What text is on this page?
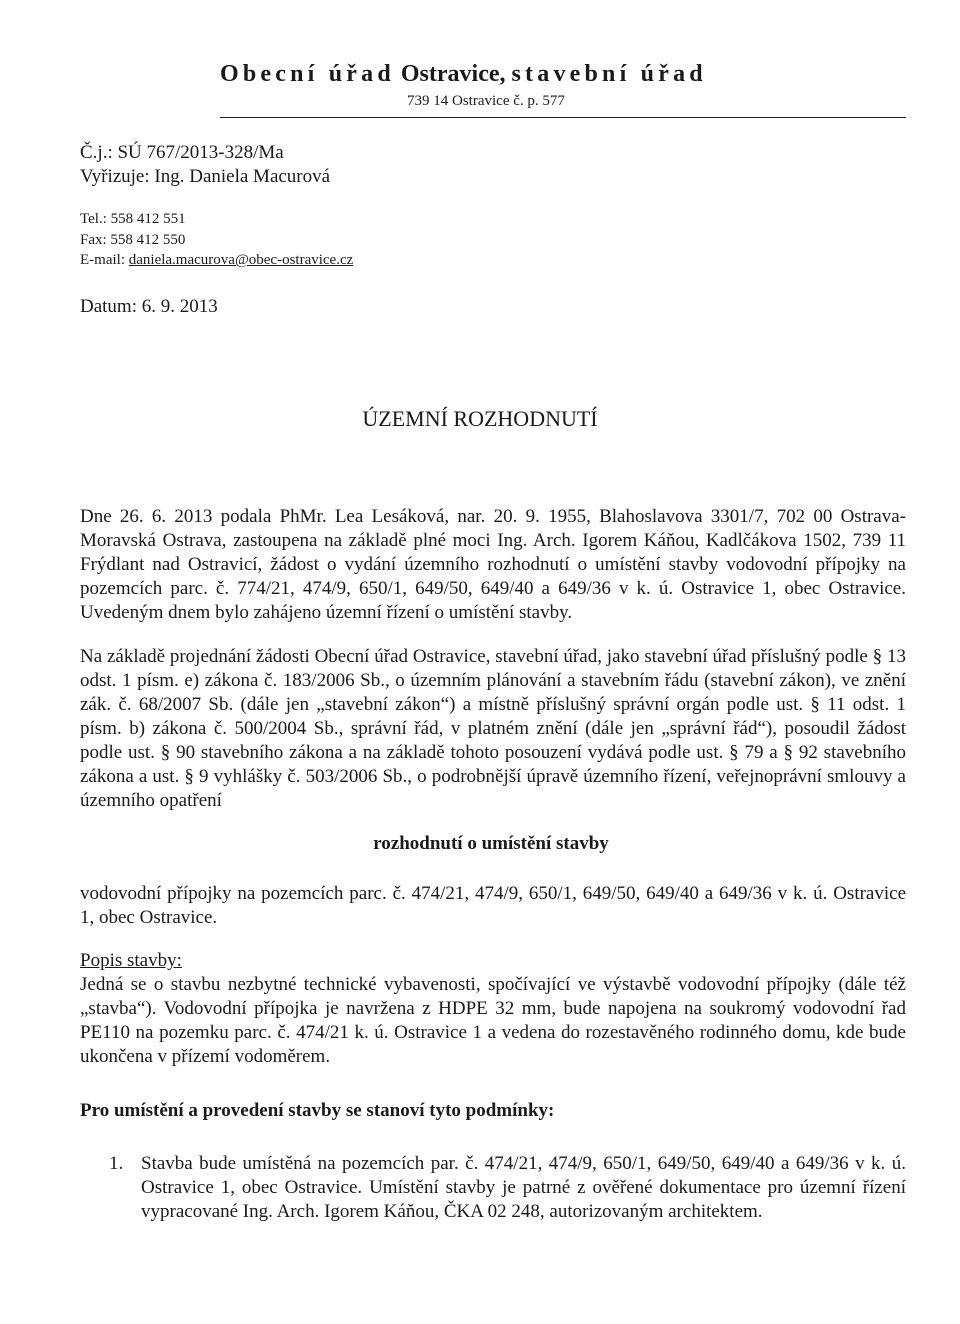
Obecní úřad Ostravice, stavební úřad
739 14 Ostravice č. p. 577
Č.j.: SÚ 767/2013-328/Ma
Vyřizuje: Ing. Daniela Macurová
Tel.: 558 412 551
Fax: 558 412 550
E-mail: daniela.macurova@obec-ostravice.cz
Datum: 6. 9. 2013
ÚZEMNÍ ROZHODNUTÍ

Dne 26. 6. 2013 podala PhMr. Lea Lesáková, nar. 20. 9. 1955, Blahoslavova 3301/7, 702 00 Ostrava-Moravská Ostrava, zastoupena na základě plné moci Ing. Arch. Igorem Káňou, Kadlčákova 1502, 739 11 Frýdlant nad Ostravicí, žádost o vydání územního rozhodnutí o umístění stavby vodovodní přípojky na pozemcích parc. č. 774/21, 474/9, 650/1, 649/50, 649/40 a 649/36 v k. ú. Ostravice 1, obec Ostravice. Uvedeným dnem bylo zahájeno územní řízení o umístění stavby.

Na základě projednání žádosti Obecní úřad Ostravice, stavební úřad, jako stavební úřad příslušný podle § 13 odst. 1 písm. e) zákona č. 183/2006 Sb., o územním plánování a stavebním řádu (stavební zákon), ve znění zák. č. 68/2007 Sb. (dále jen „stavební zákon“) a místně příslušný správní orgán podle ust. § 11 odst. 1 písm. b) zákona č. 500/2004 Sb., správní řád, v platném znění (dále jen „správní řád“), posoudil žádost podle ust. § 90 stavebního zákona a na základě tohoto posouzení vydává podle ust. § 79 a § 92 stavebního zákona a ust. § 9 vyhlášky č. 503/2006 Sb., o podrobnější úpravě územního řízení, veřejnoprávní smlouvy a územního opatření

rozhodnutí o umístění stavby

vodovodní přípojky na pozemcích parc. č. 474/21, 474/9, 650/1, 649/50, 649/40 a 649/36 v k. ú. Ostravice 1, obec Ostravice.

Popis stavby:

Jedná se o stavbu nezbytné technické vybavenosti, spočívající ve výstavbě vodovodní přípojky (dále též „stavba“). Vodovodní přípojka je navržena z HDPE 32 mm, bude napojena na soukromý vodovodní řad PE110 na pozemku parc. č. 474/21 k. ú. Ostravice 1 a vedena do rozestavěného rodinného domu, kde bude ukončena v přízemí vodoměrem.

Pro umístění a provedení stavby se stanoví tyto podmínky:
1. Stavba bude umístěná na pozemcích par. č. 474/21, 474/9, 650/1, 649/50, 649/40 a 649/36 v k. ú. Ostravice 1, obec Ostravice. Umístění stavby je patrné z ověřené dokumentace pro územní řízení vypracované Ing. Arch. Igorem Káňou, ČKA 02 248, autorizovaným architektem.
